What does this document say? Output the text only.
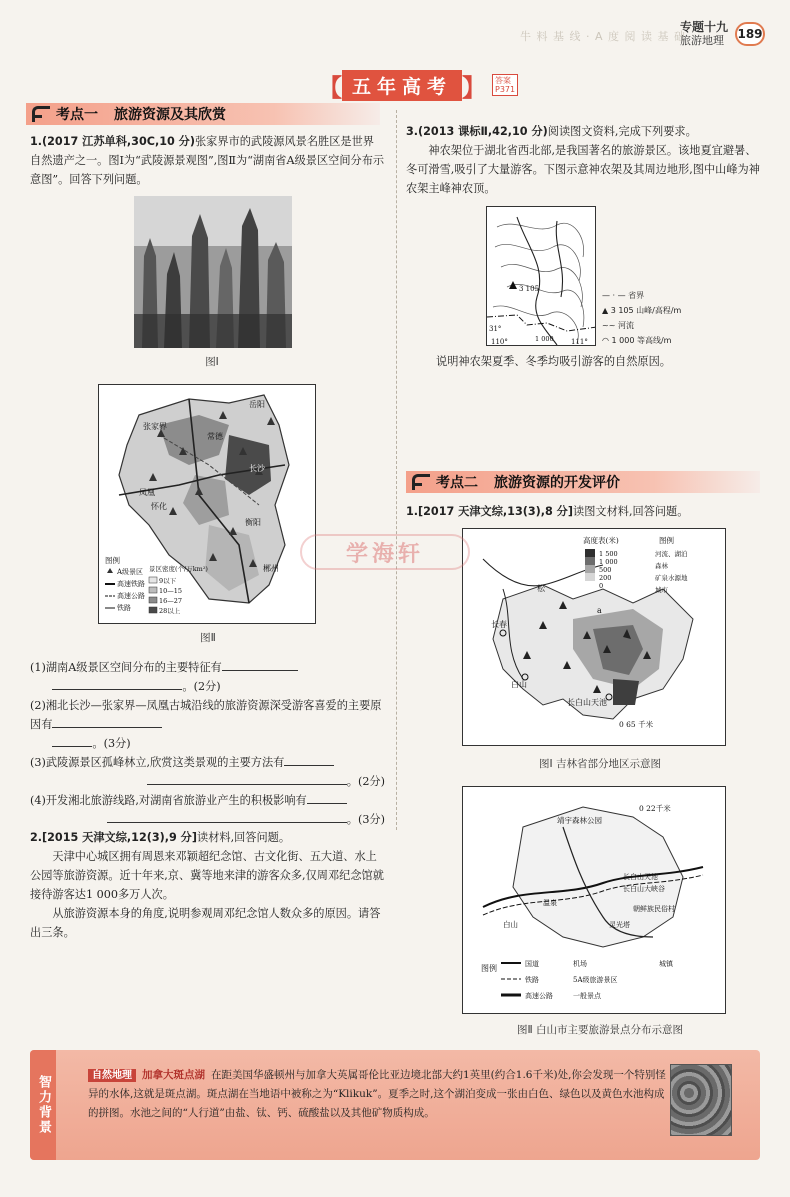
牛 料 基 线 · A 度 阅 读 基 础
专题十九
旅游地理	189
【 五年高考 】	答案
P371
考点一 旅游资源及其欣赏

1.(2017 江苏单科,30C,10 分)张家界市的武陵源风景名胜区是世界自然遗产之一。图Ⅰ为“武陵源景观图”,图Ⅱ为“湖南省A级景区空间分布示意图”。回答下列问题。

图Ⅰ
岳阳
张家界
常德
长沙
凤凰
怀化
衡阳
郴州
图例
A级景区
高速铁路
高速公路
铁路
景区密度(个/万km²)
9以下
10—15
16—27
28以上
图Ⅱ

(1)湖南A级景区空间分布的主要特征有

。(2分)

(2)湘北长沙—张家界—凤凰古城沿线的旅游资源深受游客喜爱的主要原因有

。(3分)

(3)武陵源景区孤峰林立,欣赏这类景观的主要方法有

。(2分)

(4)开发湘北旅游线路,对湖南省旅游业产生的积极影响有

。(3分)

2.[2015 天津文综,12(3),9 分]读材料,回答问题。

天津中心城区拥有周恩来邓颖超纪念馆、古文化街、五大道、水上公园等旅游资源。近十年来,京、冀等地来津的游客众多,仅周邓纪念馆就接待游客达1 000多万人次。

从旅游资源本身的角度,说明参观周邓纪念馆人数众多的原因。请答出三条。

3.(2013 课标Ⅱ,42,10 分)阅读图文资料,完成下列要求。

神农架位于湖北省西北部,是我国著名的旅游景区。该地夏宜避暑、冬可滑雪,吸引了大量游客。下图示意神农架及其周边地形,图中山峰为神农架主峰神农顶。

3 105
31°
110°	111°
1 000
— · — 省界
▲ 3 105 山峰/高程/m
~~ 河流
◠ 1 000 等高线/m
说明神农架夏季、冬季均吸引游客的自然原因。
考点二 旅游资源的开发评价

1.[2017 天津文综,13(3),8 分]读图文材料,回答问题。

松
长春
白山
长白山天池
a
0 65 千米
高度表(米)
1 500
1 000
500
200
0
图例
河流、湖泊
森林
矿泉水源地
城市
图Ⅰ 吉林省部分地区示意图
靖宇森林公园
白山
长白山天池
长白山大峡谷
朝鲜族民俗村
灵光塔
温泉
0 22千米
图例	国道
铁路
高速公路
机场
5A级旅游景区
一般景点
城镇
图Ⅱ 白山市主要旅游景点分布示意图
学海轩
智力背景	自然地理 加拿大斑点湖 在距美国华盛顿州与加拿大英属哥伦比亚边境北部大约1英里(约合1.6千米)处,你会发现一个特别怪异的水体,这就是斑点湖。斑点湖在当地语中被称之为“Klikuk”。夏季之时,这个湖泊变成一张由白色、绿色以及黄色水池构成的拼图。水池之间的“人行道”由盐、钛、钙、硫酸盐以及其他矿物质构成。
